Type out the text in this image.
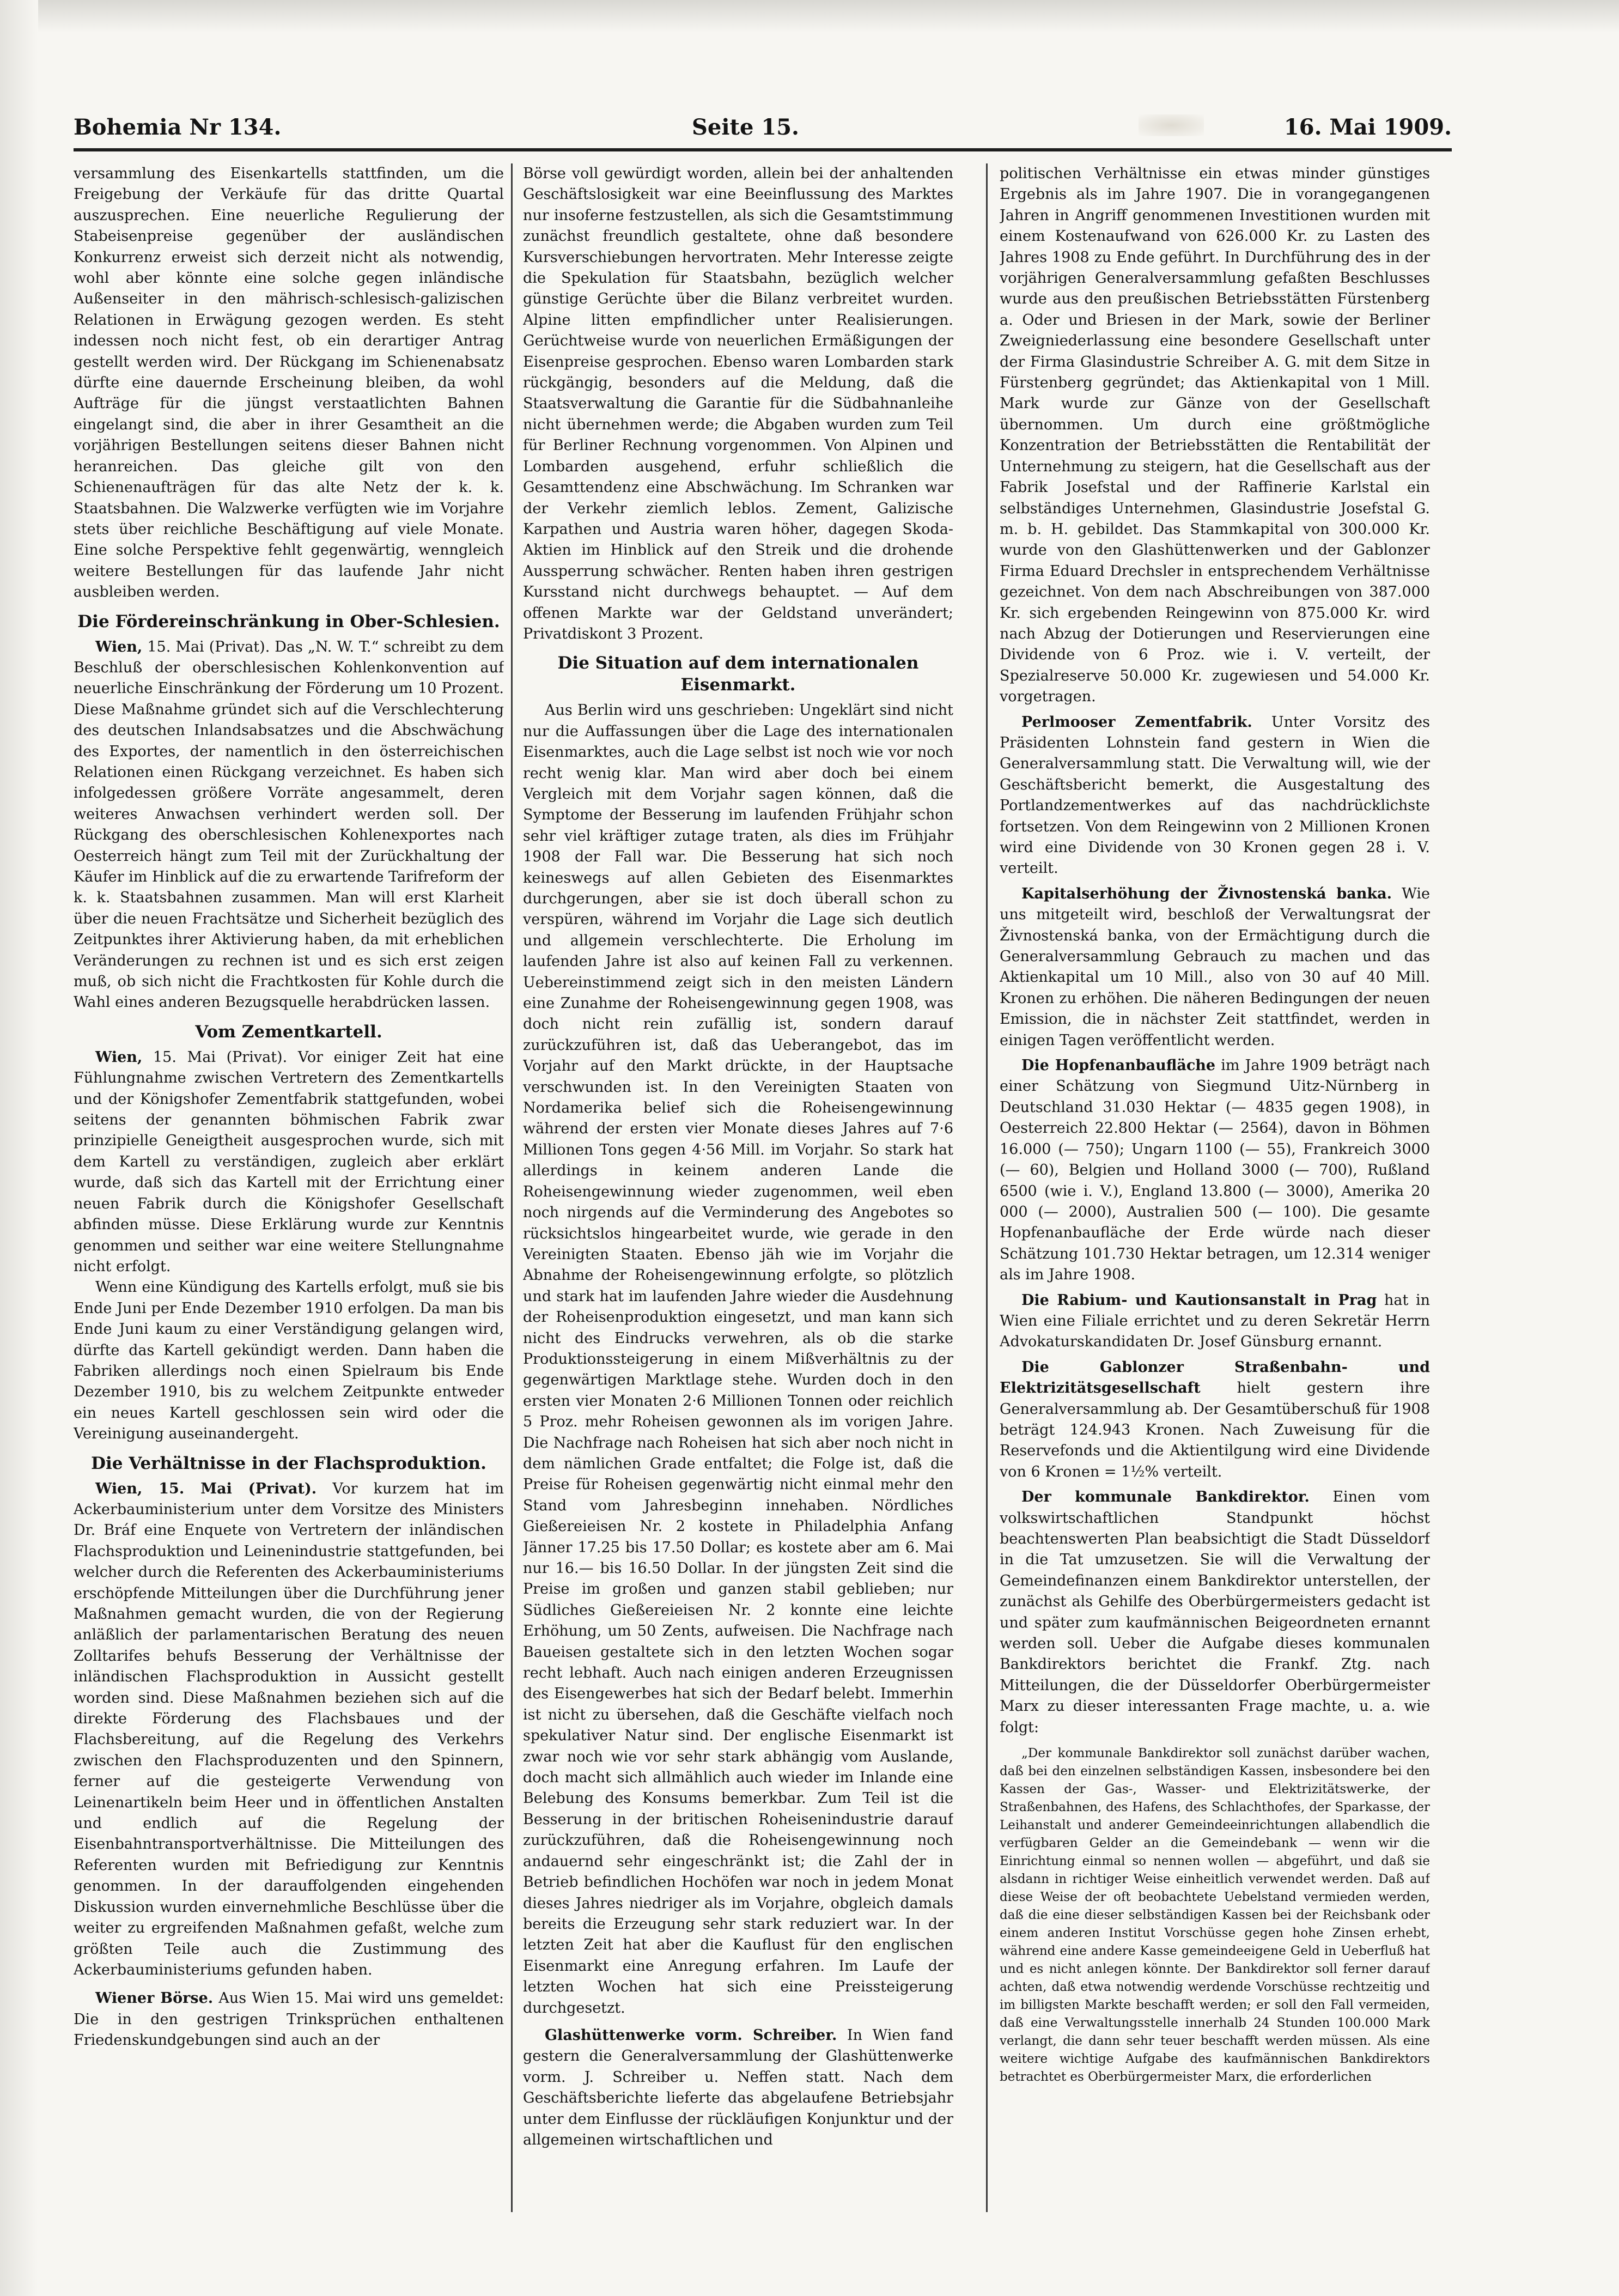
Bohemia Nr 134.	Seite 15.	16. Mai 1909.

versammlung des Eisenkartells stattfinden, um die Freigebung der Verkäufe für das dritte Quartal auszusprechen. Eine neuerliche Regulierung der Stabeisenpreise gegenüber der ausländischen Konkurrenz erweist sich derzeit nicht als notwendig, wohl aber könnte eine solche gegen inländische Außenseiter in den mährisch-schlesisch-galizischen Relationen in Erwägung gezogen werden. Es steht indessen noch nicht fest, ob ein derartiger Antrag gestellt werden wird. Der Rückgang im Schienenabsatz dürfte eine dauernde Erscheinung bleiben, da wohl Aufträge für die jüngst verstaatlichten Bahnen eingelangt sind, die aber in ihrer Gesamtheit an die vorjährigen Bestellungen seitens dieser Bahnen nicht heranreichen. Das gleiche gilt von den Schienenaufträgen für das alte Netz der k. k. Staatsbahnen. Die Walzwerke verfügten wie im Vorjahre stets über reichliche Beschäftigung auf viele Monate. Eine solche Perspektive fehlt gegenwärtig, wenngleich weitere Bestellungen für das laufende Jahr nicht ausbleiben werden.

Die Fördereinschränkung in Ober-Schlesien.

Wien, 15. Mai (Privat). Das „N. W. T.“ schreibt zu dem Beschluß der oberschlesischen Kohlenkonvention auf neuerliche Einschränkung der Förderung um 10 Prozent. Diese Maßnahme gründet sich auf die Verschlechterung des deutschen Inlandsabsatzes und die Abschwächung des Exportes, der namentlich in den österreichischen Relationen einen Rückgang verzeichnet. Es haben sich infolgedessen größere Vorräte angesammelt, deren weiteres Anwachsen verhindert werden soll. Der Rückgang des oberschlesischen Kohlenexportes nach Oesterreich hängt zum Teil mit der Zurückhaltung der Käufer im Hinblick auf die zu erwartende Tarifreform der k. k. Staatsbahnen zusammen. Man will erst Klarheit über die neuen Frachtsätze und Sicherheit bezüglich des Zeitpunktes ihrer Aktivierung haben, da mit erheblichen Veränderungen zu rechnen ist und es sich erst zeigen muß, ob sich nicht die Frachtkosten für Kohle durch die Wahl eines anderen Bezugsquelle herabdrücken lassen.

Vom Zementkartell.

Wien, 15. Mai (Privat). Vor einiger Zeit hat eine Fühlungnahme zwischen Vertretern des Zementkartells und der Königshofer Zementfabrik stattgefunden, wobei seitens der genannten böhmischen Fabrik zwar prinzipielle Geneigtheit ausgesprochen wurde, sich mit dem Kartell zu verständigen, zugleich aber erklärt wurde, daß sich das Kartell mit der Errichtung einer neuen Fabrik durch die Königshofer Gesellschaft abfinden müsse. Diese Erklärung wurde zur Kenntnis genommen und seither war eine weitere Stellungnahme nicht erfolgt.

Wenn eine Kündigung des Kartells erfolgt, muß sie bis Ende Juni per Ende Dezember 1910 erfolgen. Da man bis Ende Juni kaum zu einer Verständigung gelangen wird, dürfte das Kartell gekündigt werden. Dann haben die Fabriken allerdings noch einen Spielraum bis Ende Dezember 1910, bis zu welchem Zeitpunkte entweder ein neues Kartell geschlossen sein wird oder die Vereinigung auseinandergeht.

Die Verhältnisse in der Flachsproduktion.

Wien, 15. Mai (Privat). Vor kurzem hat im Ackerbauministerium unter dem Vorsitze des Ministers Dr. Bráf eine Enquete von Vertretern der inländischen Flachsproduktion und Leinenindustrie stattgefunden, bei welcher durch die Referenten des Ackerbauministeriums erschöpfende Mitteilungen über die Durchführung jener Maßnahmen gemacht wurden, die von der Regierung anläßlich der parlamentarischen Beratung des neuen Zolltarifes behufs Besserung der Verhältnisse der inländischen Flachsproduktion in Aussicht gestellt worden sind. Diese Maßnahmen beziehen sich auf die direkte Förderung des Flachsbaues und der Flachsbereitung, auf die Regelung des Verkehrs zwischen den Flachsproduzenten und den Spinnern, ferner auf die gesteigerte Verwendung von Leinenartikeln beim Heer und in öffentlichen Anstalten und endlich auf die Regelung der Eisenbahntransportverhältnisse. Die Mitteilungen des Referenten wurden mit Befriedigung zur Kenntnis genommen. In der darauffolgenden eingehenden Diskussion wurden einvernehmliche Beschlüsse über die weiter zu ergreifenden Maßnahmen gefaßt, welche zum größten Teile auch die Zustimmung des Ackerbauministeriums gefunden haben.

Wiener Börse. Aus Wien 15. Mai wird uns gemeldet: Die in den gestrigen Trinksprüchen enthaltenen Friedenskundgebungen sind auch an der

Börse voll gewürdigt worden, allein bei der anhaltenden Geschäftslosigkeit war eine Beeinflussung des Marktes nur insoferne festzustellen, als sich die Gesamtstimmung zunächst freundlich gestaltete, ohne daß besondere Kursverschiebungen hervortraten. Mehr Interesse zeigte die Spekulation für Staatsbahn, bezüglich welcher günstige Gerüchte über die Bilanz verbreitet wurden. Alpine litten empfindlicher unter Realisierungen. Gerüchtweise wurde von neuerlichen Ermäßigungen der Eisenpreise gesprochen. Ebenso waren Lombarden stark rückgängig, besonders auf die Meldung, daß die Staatsverwaltung die Garantie für die Südbahnanleihe nicht übernehmen werde; die Abgaben wurden zum Teil für Berliner Rechnung vorgenommen. Von Alpinen und Lombarden ausgehend, erfuhr schließlich die Gesamttendenz eine Abschwächung. Im Schranken war der Verkehr ziemlich leblos. Zement, Galizische Karpathen und Austria waren höher, dagegen Skoda-Aktien im Hinblick auf den Streik und die drohende Aussperrung schwächer. Renten haben ihren gestrigen Kursstand nicht durchwegs behauptet. — Auf dem offenen Markte war der Geldstand unverändert; Privatdiskont 3 Prozent.

Die Situation auf dem internationalen Eisenmarkt.

Aus Berlin wird uns geschrieben: Ungeklärt sind nicht nur die Auffassungen über die Lage des internationalen Eisenmarktes, auch die Lage selbst ist noch wie vor noch recht wenig klar. Man wird aber doch bei einem Vergleich mit dem Vorjahr sagen können, daß die Symptome der Besserung im laufenden Frühjahr schon sehr viel kräftiger zutage traten, als dies im Frühjahr 1908 der Fall war. Die Besserung hat sich noch keineswegs auf allen Gebieten des Eisenmarktes durchgerungen, aber sie ist doch überall schon zu verspüren, während im Vorjahr die Lage sich deutlich und allgemein verschlechterte. Die Erholung im laufenden Jahre ist also auf keinen Fall zu verkennen. Uebereinstimmend zeigt sich in den meisten Ländern eine Zunahme der Roheisengewinnung gegen 1908, was doch nicht rein zufällig ist, sondern darauf zurückzuführen ist, daß das Ueberangebot, das im Vorjahr auf den Markt drückte, in der Hauptsache verschwunden ist. In den Vereinigten Staaten von Nordamerika belief sich die Roheisengewinnung während der ersten vier Monate dieses Jahres auf 7·6 Millionen Tons gegen 4·56 Mill. im Vorjahr. So stark hat allerdings in keinem anderen Lande die Roheisengewinnung wieder zugenommen, weil eben noch nirgends auf die Verminderung des Angebotes so rücksichtslos hingearbeitet wurde, wie gerade in den Vereinigten Staaten. Ebenso jäh wie im Vorjahr die Abnahme der Roheisengewinnung erfolgte, so plötzlich und stark hat im laufenden Jahre wieder die Ausdehnung der Roheisenproduktion eingesetzt, und man kann sich nicht des Eindrucks verwehren, als ob die starke Produktionssteigerung in einem Mißverhältnis zu der gegenwärtigen Marktlage stehe. Wurden doch in den ersten vier Monaten 2·6 Millionen Tonnen oder reichlich 5 Proz. mehr Roheisen gewonnen als im vorigen Jahre. Die Nachfrage nach Roheisen hat sich aber noch nicht in dem nämlichen Grade entfaltet; die Folge ist, daß die Preise für Roheisen gegenwärtig nicht einmal mehr den Stand vom Jahresbeginn innehaben. Nördliches Gießereieisen Nr. 2 kostete in Philadelphia Anfang Jänner 17.25 bis 17.50 Dollar; es kostete aber am 6. Mai nur 16.— bis 16.50 Dollar. In der jüngsten Zeit sind die Preise im großen und ganzen stabil geblieben; nur Südliches Gießereieisen Nr. 2 konnte eine leichte Erhöhung, um 50 Zents, aufweisen. Die Nachfrage nach Baueisen gestaltete sich in den letzten Wochen sogar recht lebhaft. Auch nach einigen anderen Erzeugnissen des Eisengewerbes hat sich der Bedarf belebt. Immerhin ist nicht zu übersehen, daß die Geschäfte vielfach noch spekulativer Natur sind. Der englische Eisenmarkt ist zwar noch wie vor sehr stark abhängig vom Auslande, doch macht sich allmählich auch wieder im Inlande eine Belebung des Konsums bemerkbar. Zum Teil ist die Besserung in der britischen Roheisenindustrie darauf zurückzuführen, daß die Roheisengewinnung noch andauernd sehr eingeschränkt ist; die Zahl der in Betrieb befindlichen Hochöfen war noch in jedem Monat dieses Jahres niedriger als im Vorjahre, obgleich damals bereits die Erzeugung sehr stark reduziert war. In der letzten Zeit hat aber die Kauflust für den englischen Eisenmarkt eine Anregung erfahren. Im Laufe der letzten Wochen hat sich eine Preissteigerung durchgesetzt.

Glashüttenwerke vorm. Schreiber. In Wien fand gestern die Generalversammlung der Glashüttenwerke vorm. J. Schreiber u. Neffen statt. Nach dem Geschäftsberichte lieferte das abgelaufene Betriebsjahr unter dem Einflusse der rückläufigen Konjunktur und der allgemeinen wirtschaftlichen und

politischen Verhältnisse ein etwas minder günstiges Ergebnis als im Jahre 1907. Die in vorangegangenen Jahren in Angriff genommenen Investitionen wurden mit einem Kostenaufwand von 626.000 Kr. zu Lasten des Jahres 1908 zu Ende geführt. In Durchführung des in der vorjährigen Generalversammlung gefaßten Beschlusses wurde aus den preußischen Betriebsstätten Fürstenberg a. Oder und Briesen in der Mark, sowie der Berliner Zweigniederlassung eine besondere Gesellschaft unter der Firma Glasindustrie Schreiber A. G. mit dem Sitze in Fürstenberg gegründet; das Aktienkapital von 1 Mill. Mark wurde zur Gänze von der Gesellschaft übernommen. Um durch eine größtmögliche Konzentration der Betriebsstätten die Rentabilität der Unternehmung zu steigern, hat die Gesellschaft aus der Fabrik Josefstal und der Raffinerie Karlstal ein selbständiges Unternehmen, Glasindustrie Josefstal G. m. b. H. gebildet. Das Stammkapital von 300.000 Kr. wurde von den Glashüttenwerken und der Gablonzer Firma Eduard Drechsler in entsprechendem Verhältnisse gezeichnet. Von dem nach Abschreibungen von 387.000 Kr. sich ergebenden Reingewinn von 875.000 Kr. wird nach Abzug der Dotierungen und Reservierungen eine Dividende von 6 Proz. wie i. V. verteilt, der Spezialreserve 50.000 Kr. zugewiesen und 54.000 Kr. vorgetragen.

Perlmooser Zementfabrik. Unter Vorsitz des Präsidenten Lohnstein fand gestern in Wien die Generalversammlung statt. Die Verwaltung will, wie der Geschäftsbericht bemerkt, die Ausgestaltung des Portlandzementwerkes auf das nachdrücklichste fortsetzen. Von dem Reingewinn von 2 Millionen Kronen wird eine Dividende von 30 Kronen gegen 28 i. V. verteilt.

Kapitalserhöhung der Živnostenská banka. Wie uns mitgeteilt wird, beschloß der Verwaltungsrat der Živnostenská banka, von der Ermächtigung durch die Generalversammlung Gebrauch zu machen und das Aktienkapital um 10 Mill., also von 30 auf 40 Mill. Kronen zu erhöhen. Die näheren Bedingungen der neuen Emission, die in nächster Zeit stattfindet, werden in einigen Tagen veröffentlicht werden.

Die Hopfenanbaufläche im Jahre 1909 beträgt nach einer Schätzung von Siegmund Uitz-Nürnberg in Deutschland 31.030 Hektar (— 4835 gegen 1908), in Oesterreich 22.800 Hektar (— 2564), davon in Böhmen 16.000 (— 750); Ungarn 1100 (— 55), Frankreich 3000 (— 60), Belgien und Holland 3000 (— 700), Rußland 6500 (wie i. V.), England 13.800 (— 3000), Amerika 20 000 (— 2000), Australien 500 (— 100). Die gesamte Hopfenanbaufläche der Erde würde nach dieser Schätzung 101.730 Hektar betragen, um 12.314 weniger als im Jahre 1908.

Die Rabium- und Kautionsanstalt in Prag hat in Wien eine Filiale errichtet und zu deren Sekretär Herrn Advokaturskandidaten Dr. Josef Günsburg ernannt.

Die Gablonzer Straßenbahn- und Elektrizitätsgesellschaft hielt gestern ihre Generalversammlung ab. Der Gesamtüberschuß für 1908 beträgt 124.943 Kronen. Nach Zuweisung für die Reservefonds und die Aktientilgung wird eine Dividende von 6 Kronen = 1½% verteilt.

Der kommunale Bankdirektor. Einen vom volkswirtschaftlichen Standpunkt höchst beachtenswerten Plan beabsichtigt die Stadt Düsseldorf in die Tat umzusetzen. Sie will die Verwaltung der Gemeindefinanzen einem Bankdirektor unterstellen, der zunächst als Gehilfe des Oberbürgermeisters gedacht ist und später zum kaufmännischen Beigeordneten ernannt werden soll. Ueber die Aufgabe dieses kommunalen Bankdirektors berichtet die Frankf. Ztg. nach Mitteilungen, die der Düsseldorfer Oberbürgermeister Marx zu dieser interessanten Frage machte, u. a. wie folgt:

„Der kommunale Bankdirektor soll zunächst darüber wachen, daß bei den einzelnen selbständigen Kassen, insbesondere bei den Kassen der Gas-, Wasser- und Elektrizitätswerke, der Straßenbahnen, des Hafens, des Schlachthofes, der Sparkasse, der Leihanstalt und anderer Gemeindeeinrichtungen allabendlich die verfügbaren Gelder an die Gemeindebank — wenn wir die Einrichtung einmal so nennen wollen — abgeführt, und daß sie alsdann in richtiger Weise einheitlich verwendet werden. Daß auf diese Weise der oft beobachtete Uebelstand vermieden werden, daß die eine dieser selbständigen Kassen bei der Reichsbank oder einem anderen Institut Vorschüsse gegen hohe Zinsen erhebt, während eine andere Kasse gemeindeeigene Geld in Ueberfluß hat und es nicht anlegen könnte. Der Bankdirektor soll ferner darauf achten, daß etwa notwendig werdende Vorschüsse rechtzeitig und im billigsten Markte beschafft werden; er soll den Fall vermeiden, daß eine Verwaltungsstelle innerhalb 24 Stunden 100.000 Mark verlangt, die dann sehr teuer beschafft werden müssen. Als eine weitere wichtige Aufgabe des kaufmännischen Bankdirektors betrachtet es Oberbürgermeister Marx, die erforderlichen
